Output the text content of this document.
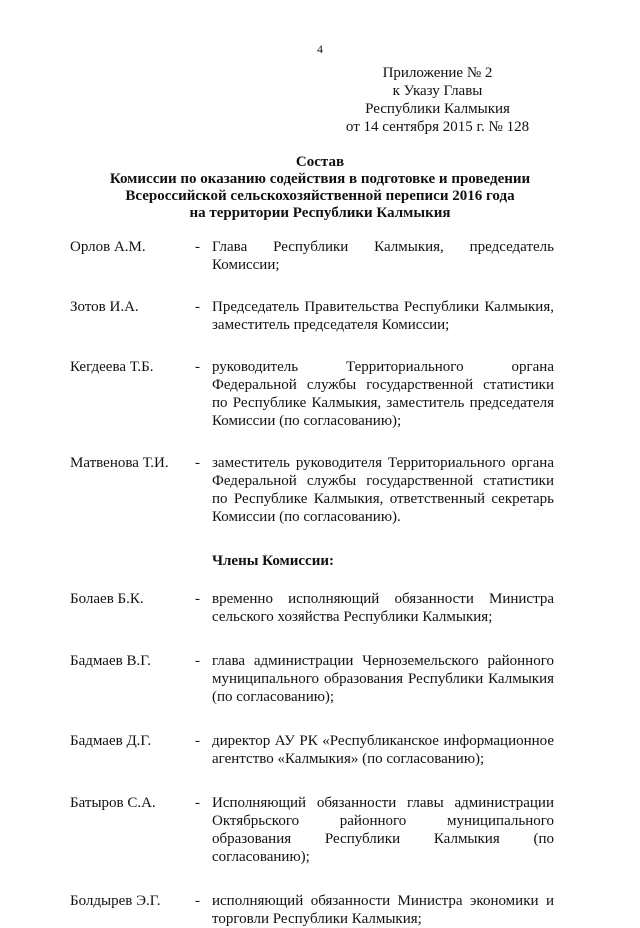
4
Приложение № 2
к Указу Главы
Республики Калмыкия
от 14 сентября 2015 г. № 128
Состав
Комиссии по оказанию содействия в подготовке и проведении
Всероссийской сельскохозяйственной переписи 2016 года
на территории Республики Калмыкия
Орлов А.М.	- Глава Республики Калмыкия, председатель Комиссии;
Зотов И.А.	- Председатель Правительства Республики Калмыкия, заместитель председателя Комиссии;
Кегдеева Т.Б.	- руководитель Территориального органа Федеральной службы государственной статистики по Республике Калмыкия, заместитель председателя Комиссии (по согласованию);
Матвенова Т.И.	- заместитель руководителя Территориального органа Федеральной службы государственной статистики по Республике Калмыкия, ответственный секретарь Комиссии (по согласованию).
Члены Комиссии:
Болаев Б.К.	- временно исполняющий обязанности Министра сельского хозяйства Республики Калмыкия;
Бадмаев В.Г.	- глава администрации Черноземельского районного муниципального образования Республики Калмыкия (по согласованию);
Бадмаев Д.Г.	- директор АУ РК «Республиканское информационное агентство «Калмыкия» (по согласованию);
Батыров С.А.	- Исполняющий обязанности главы администрации Октябрьского районного муниципального образования Республики Калмыкия (по согласованию);
Болдырев Э.Г.	- исполняющий обязанности Министра экономики и торговли Республики Калмыкия;
